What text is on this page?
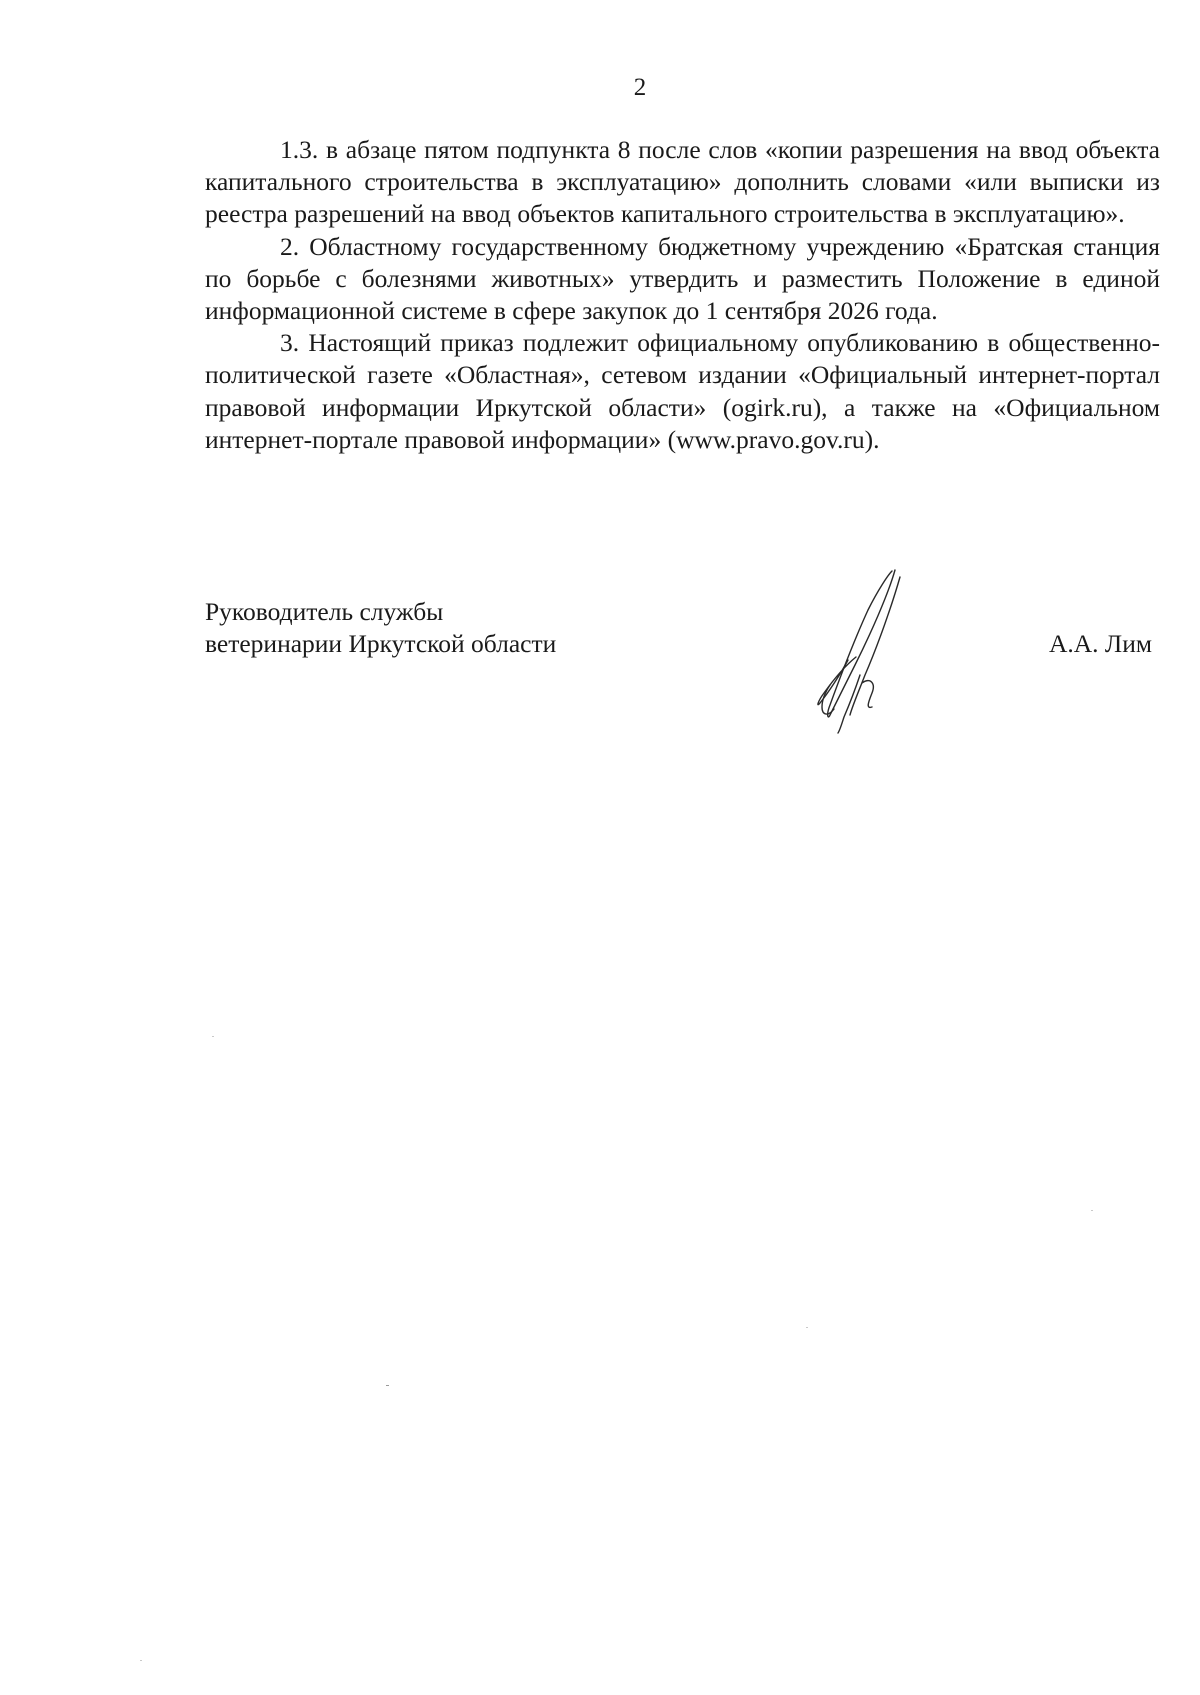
2

1.3. в абзаце пятом подпункта 8 после слов «копии разрешения на ввод объекта капитального строительства в эксплуатацию» дополнить словами «или выписки из реестра разрешений на ввод объектов капитального строительства в эксплуатацию».

2. Областному государственному бюджетному учреждению «Братская станция по борьбе с болезнями животных» утвердить и разместить Положение в единой информационной системе в сфере закупок до 1 сентября 2026 года.

3. Настоящий приказ подлежит официальному опубликованию в общественно-политической газете «Областная», сетевом издании «Официальный интернет-портал правовой информации Иркутской области» (ogirk.ru), а также на «Официальном интернет-портале правовой информации» (www.pravo.gov.ru).

Руководитель службы
ветеринарии Иркутской области	А.А. Лим
